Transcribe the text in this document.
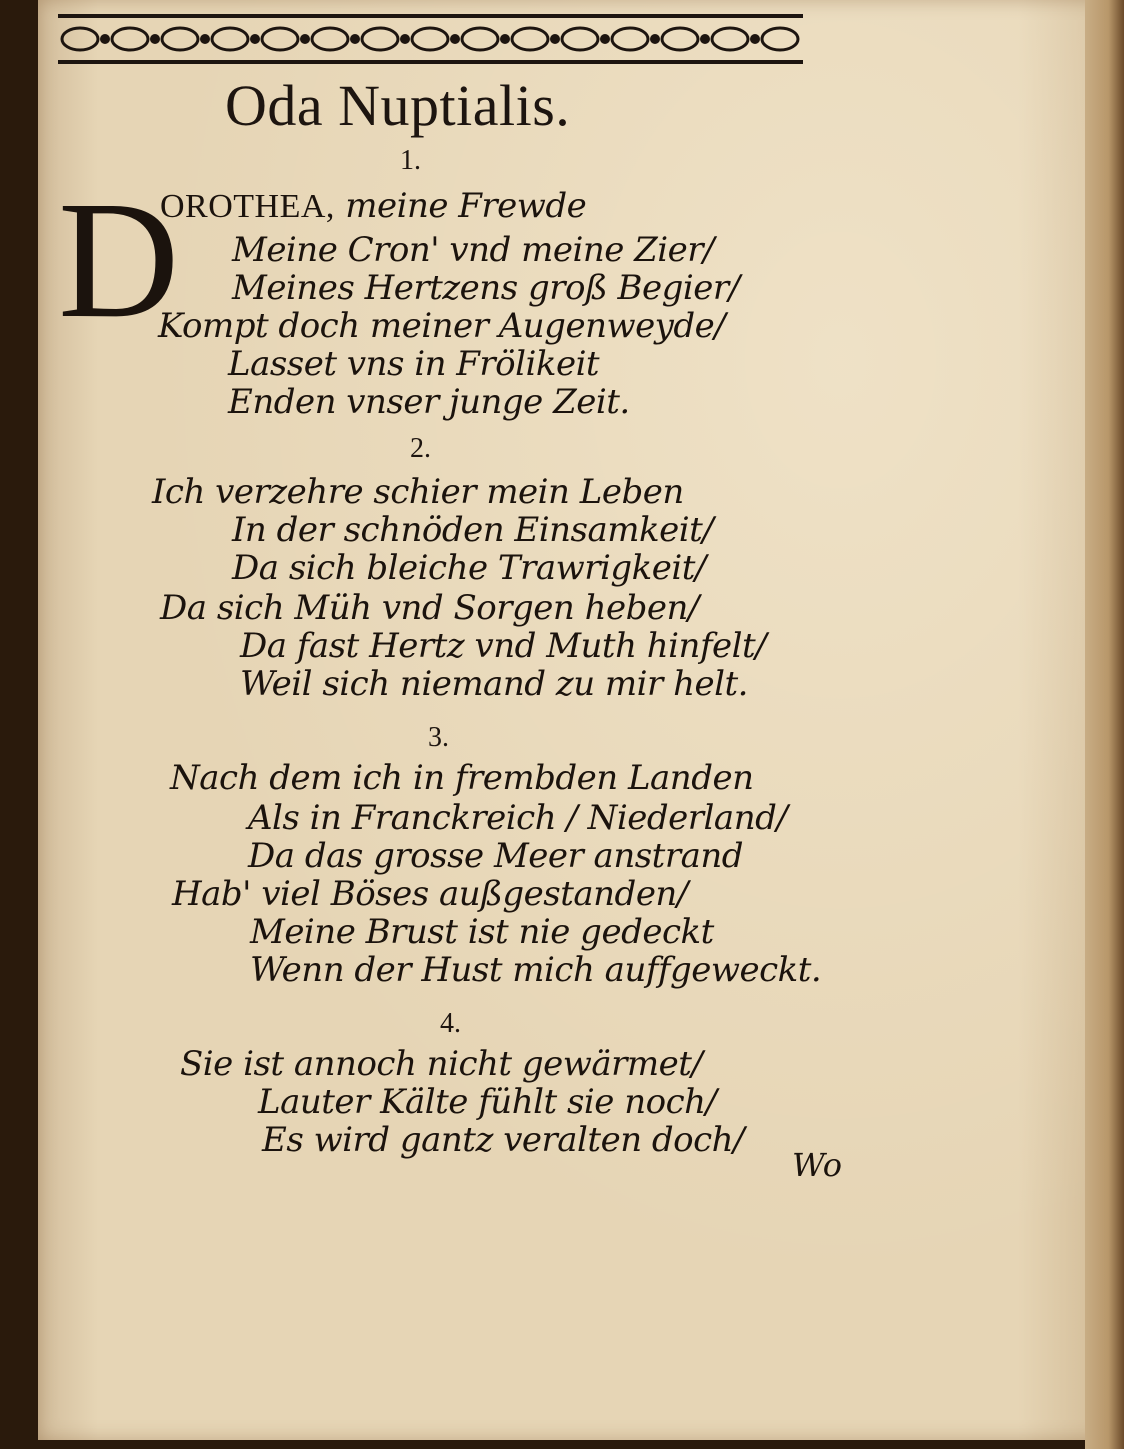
Oda Nuptialis.
1.
D
OROTHEA, meine Frewde
Meine Cron' vnd meine Zier/
Meines Hertzens groß Begier/
Kompt doch meiner Augenweyde/
Lasset vns in Frölikeit
Enden vnser junge Zeit.
2.
Ich verzehre schier mein Leben
In der schnöden Einsamkeit/
Da sich bleiche Trawrigkeit/
Da sich Müh vnd Sorgen heben/
Da fast Hertz vnd Muth hinfelt/
Weil sich niemand zu mir helt.
3.
Nach dem ich in frembden Landen
Als in Franckreich / Niederland/
Da das grosse Meer anstrand
Hab' viel Böses außgestanden/
Meine Brust ist nie gedeckt
Wenn der Hust mich auffgeweckt.
4.
Sie ist annoch nicht gewärmet/
Lauter Kälte fühlt sie noch/
Es wird gantz veralten doch/
Wo
